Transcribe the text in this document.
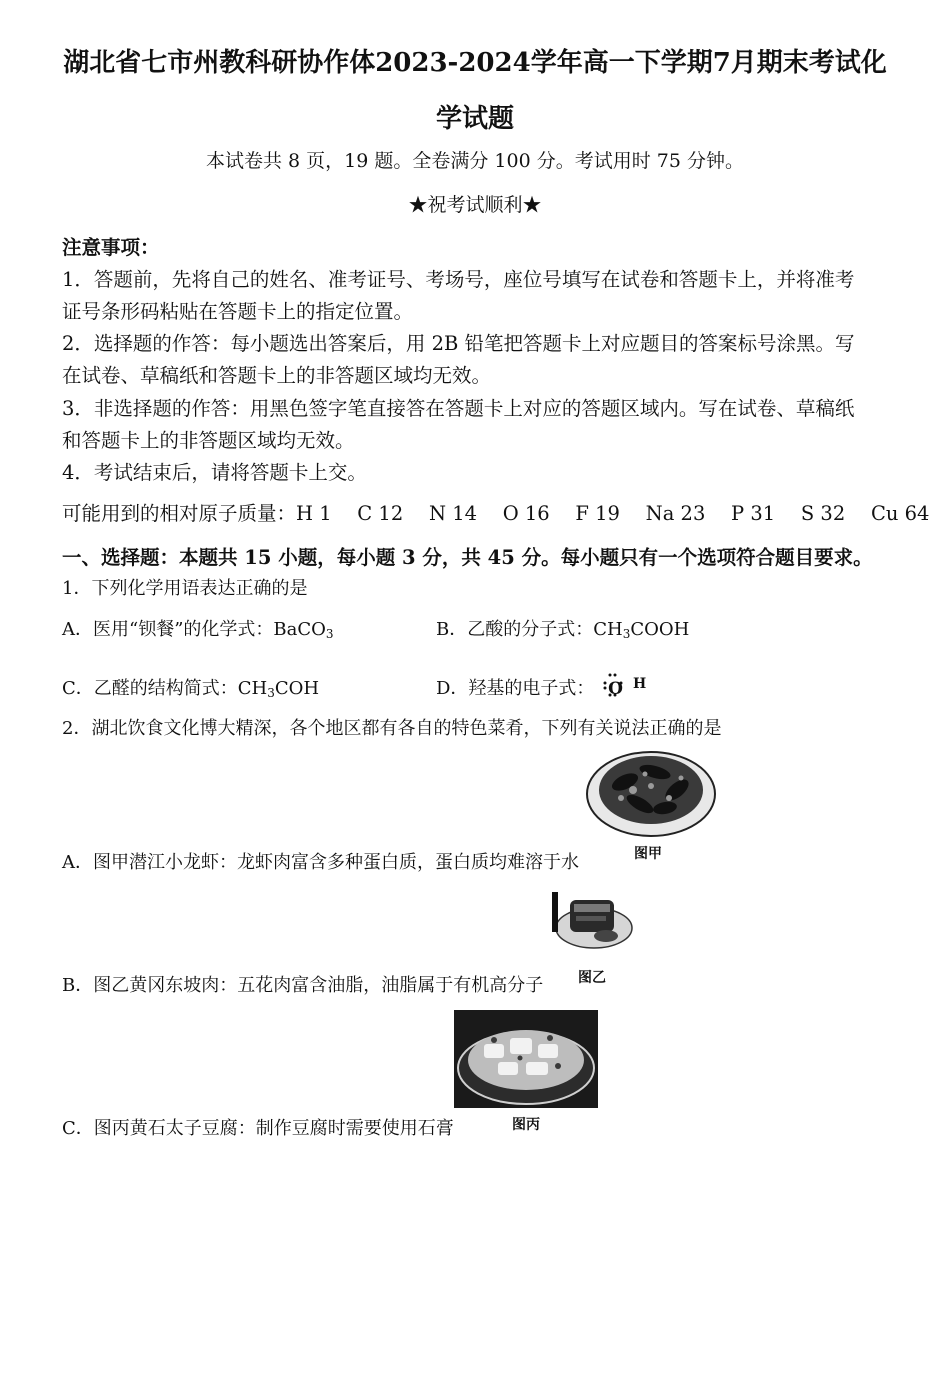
湖北省七市州教科研协作体2023-2024学年高一下学期7月期末考试化
学试题
本试卷共 8 页，19 题。全卷满分 100 分。考试用时 75 分钟。
★祝考试顺利★
注意事项：
1．答题前，先将自己的姓名、准考证号、考场号，座位号填写在试卷和答题卡上，并将准考
证号条形码粘贴在答题卡上的指定位置。
2．选择题的作答：每小题选出答案后，用 2B 铅笔把答题卡上对应题目的答案标号涂黑。写
在试卷、草稿纸和答题卡上的非答题区域均无效。
3．非选择题的作答：用黑色签字笔直接答在答题卡上对应的答题区域内。写在试卷、草稿纸
和答题卡上的非答题区域均无效。
4．考试结束后，请将答题卡上交。
可能用到的相对原子质量：H 1　 C 12　 N 14　 O 16　 F 19　 Na 23　 P 31　 S 32　 Cu 64
一、选择题：本题共 15 小题，每小题 3 分，共 45 分。每小题只有一个选项符合题目要求。
1．下列化学用语表达正确的是
A．医用“钡餐”的化学式：BaCO$_3$	B．乙酸的分子式：$CH_3COOH$
C．乙醛的结构简式：$CH_3COH$	D．羟基的电子式： O $^H$
2．湖北饮食文化博大精深，各个地区都有各自的特色菜肴，下列有关说法正确的是
图甲
A．图甲潜江小龙虾：龙虾肉富含多种蛋白质，蛋白质均难溶于水
图乙
B．图乙黄冈东坡肉：五花肉富含油脂，油脂属于有机高分子
图丙
C．图丙黄石太子豆腐：制作豆腐时需要使用石膏
